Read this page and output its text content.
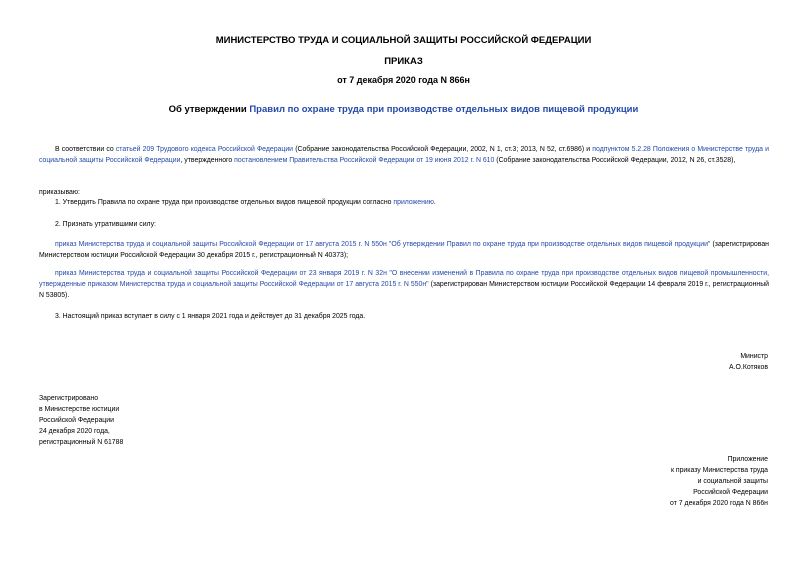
МИНИСТЕРСТВО ТРУДА И СОЦИАЛЬНОЙ ЗАЩИТЫ РОССИЙСКОЙ ФЕДЕРАЦИИ
ПРИКАЗ
от 7 декабря 2020 года N 866н
Об утверждении Правил по охране труда при производстве отдельных видов пищевой продукции
В соответствии со статьей 209 Трудового кодекса Российской Федерации (Собрание законодательства Российской Федерации, 2002, N 1, ст.3; 2013, N 52, ст.6986) и подпунктом 5.2.28 Положения о Министерстве труда и социальной защиты Российской Федерации, утвержденного постановлением Правительства Российской Федерации от 19 июня 2012 г. N 610 (Собрание законодательства Российской Федерации, 2012, N 26, ст.3528),
приказываю:
1. Утвердить Правила по охране труда при производстве отдельных видов пищевой продукции согласно приложению.
2. Признать утратившими силу:
приказ Министерства труда и социальной защиты Российской Федерации от 17 августа 2015 г. N 550н "Об утверждении Правил по охране труда при производстве отдельных видов пищевой продукции" (зарегистрирован Министерством юстиции Российской Федерации 30 декабря 2015 г., регистрационный N 40373);
приказ Министерства труда и социальной защиты Российской Федерации от 23 января 2019 г. N 32н "О внесении изменений в Правила по охране труда при производстве отдельных видов пищевой промышленности, утвержденные приказом Министерства труда и социальной защиты Российской Федерации от 17 августа 2015 г. N 550н" (зарегистрирован Министерством юстиции Российской Федерации 14 февраля 2019 г., регистрационный N 53805).
3. Настоящий приказ вступает в силу с 1 января 2021 года и действует до 31 декабря 2025 года.
Министр
А.О.Котяков
Зарегистрировано
в Министерстве юстиции
Российской Федерации
24 декабря 2020 года,
регистрационный N 61788
Приложение
к приказу Министерства труда
и социальной защиты
Российской Федерации
от 7 декабря 2020 года N 866н
